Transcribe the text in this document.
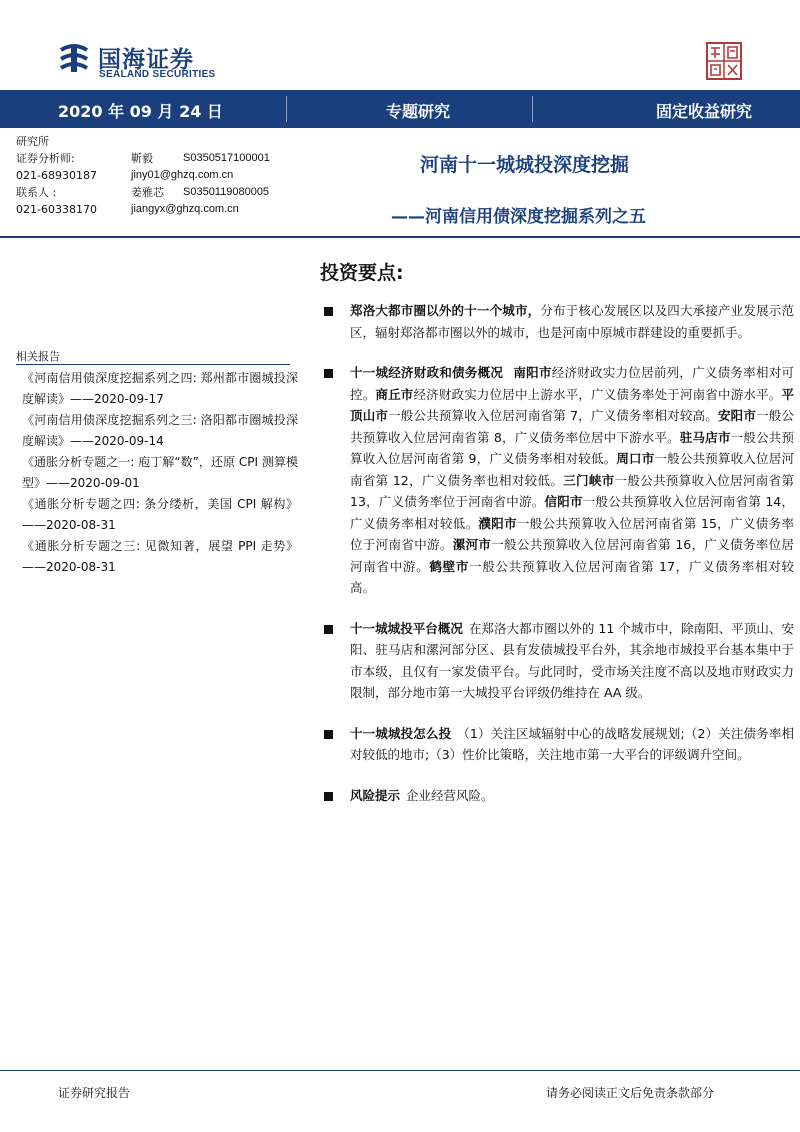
国海证券
SEALAND SECURITIES
2020 年 09 月 24 日	专题研究	固定收益研究
研究所
证券分析师:	靳毅	S0350517100001
021-68930187	jiny01@ghzq.com.cn
联系人 :	姜雅芯 S0350119080005
021-60338170	jiangyx@ghzq.com.cn
河南十一城城投深度挖掘
——河南信用债深度挖掘系列之五
相关报告
《河南信用债深度挖掘系列之四: 郑州都市圈城投深度解读》——2020-09-17
《河南信用债深度挖掘系列之三: 洛阳都市圈城投深度解读》——2020-09-14
《通胀分析专题之一: 庖丁解“数”，还原 CPI 测算模型》——2020-09-01
《通胀分析专题之四: 条分缕析，美国 CPI 解构》——2020-08-31
《通胀分析专题之三: 见微知著，展望 PPI 走势》——2020-08-31
投资要点:
郑洛大都市圈以外的十一个城市，分布于核心发展区以及四大承接产业发展示范区，辐射郑洛都市圈以外的城市，也是河南中原城市群建设的重要抓手。
十一城经济财政和债务概况 南阳市经济财政实力位居前列，广义债务率相对可控。商丘市经济财政实力位居中上游水平，广义债务率处于河南省中游水平。平顶山市一般公共预算收入位居河南省第 7，广义债务率相对较高。安阳市一般公共预算收入位居河南省第 8，广义债务率位居中下游水平。驻马店市一般公共预算收入位居河南省第 9，广义债务率相对较低。周口市一般公共预算收入位居河南省第 12，广义债务率也相对较低。三门峡市一般公共预算收入位居河南省第 13，广义债务率位于河南省中游。信阳市一般公共预算收入位居河南省第 14，广义债务率相对较低。濮阳市一般公共预算收入位居河南省第 15，广义债务率位于河南省中游。漯河市一般公共预算收入位居河南省第 16，广义债务率位居河南省中游。鹤壁市一般公共预算收入位居河南省第 17，广义债务率相对较高。
十一城城投平台概况 在郑洛大都市圈以外的 11 个城市中，除南阳、平顶山、安阳、驻马店和漯河部分区、县有发债城投平台外，其余地市城投平台基本集中于市本级，且仅有一家发债平台。与此同时，受市场关注度不高以及地市财政实力限制，部分地市第一大城投平台评级仍维持在 AA 级。
十一城城投怎么投 （1）关注区域辐射中心的战略发展规划;（2）关注债务率相对较低的地市;（3）性价比策略，关注地市第一大平台的评级调升空间。
风险提示 企业经营风险。
证券研究报告	请务必阅读正文后免责条款部分
